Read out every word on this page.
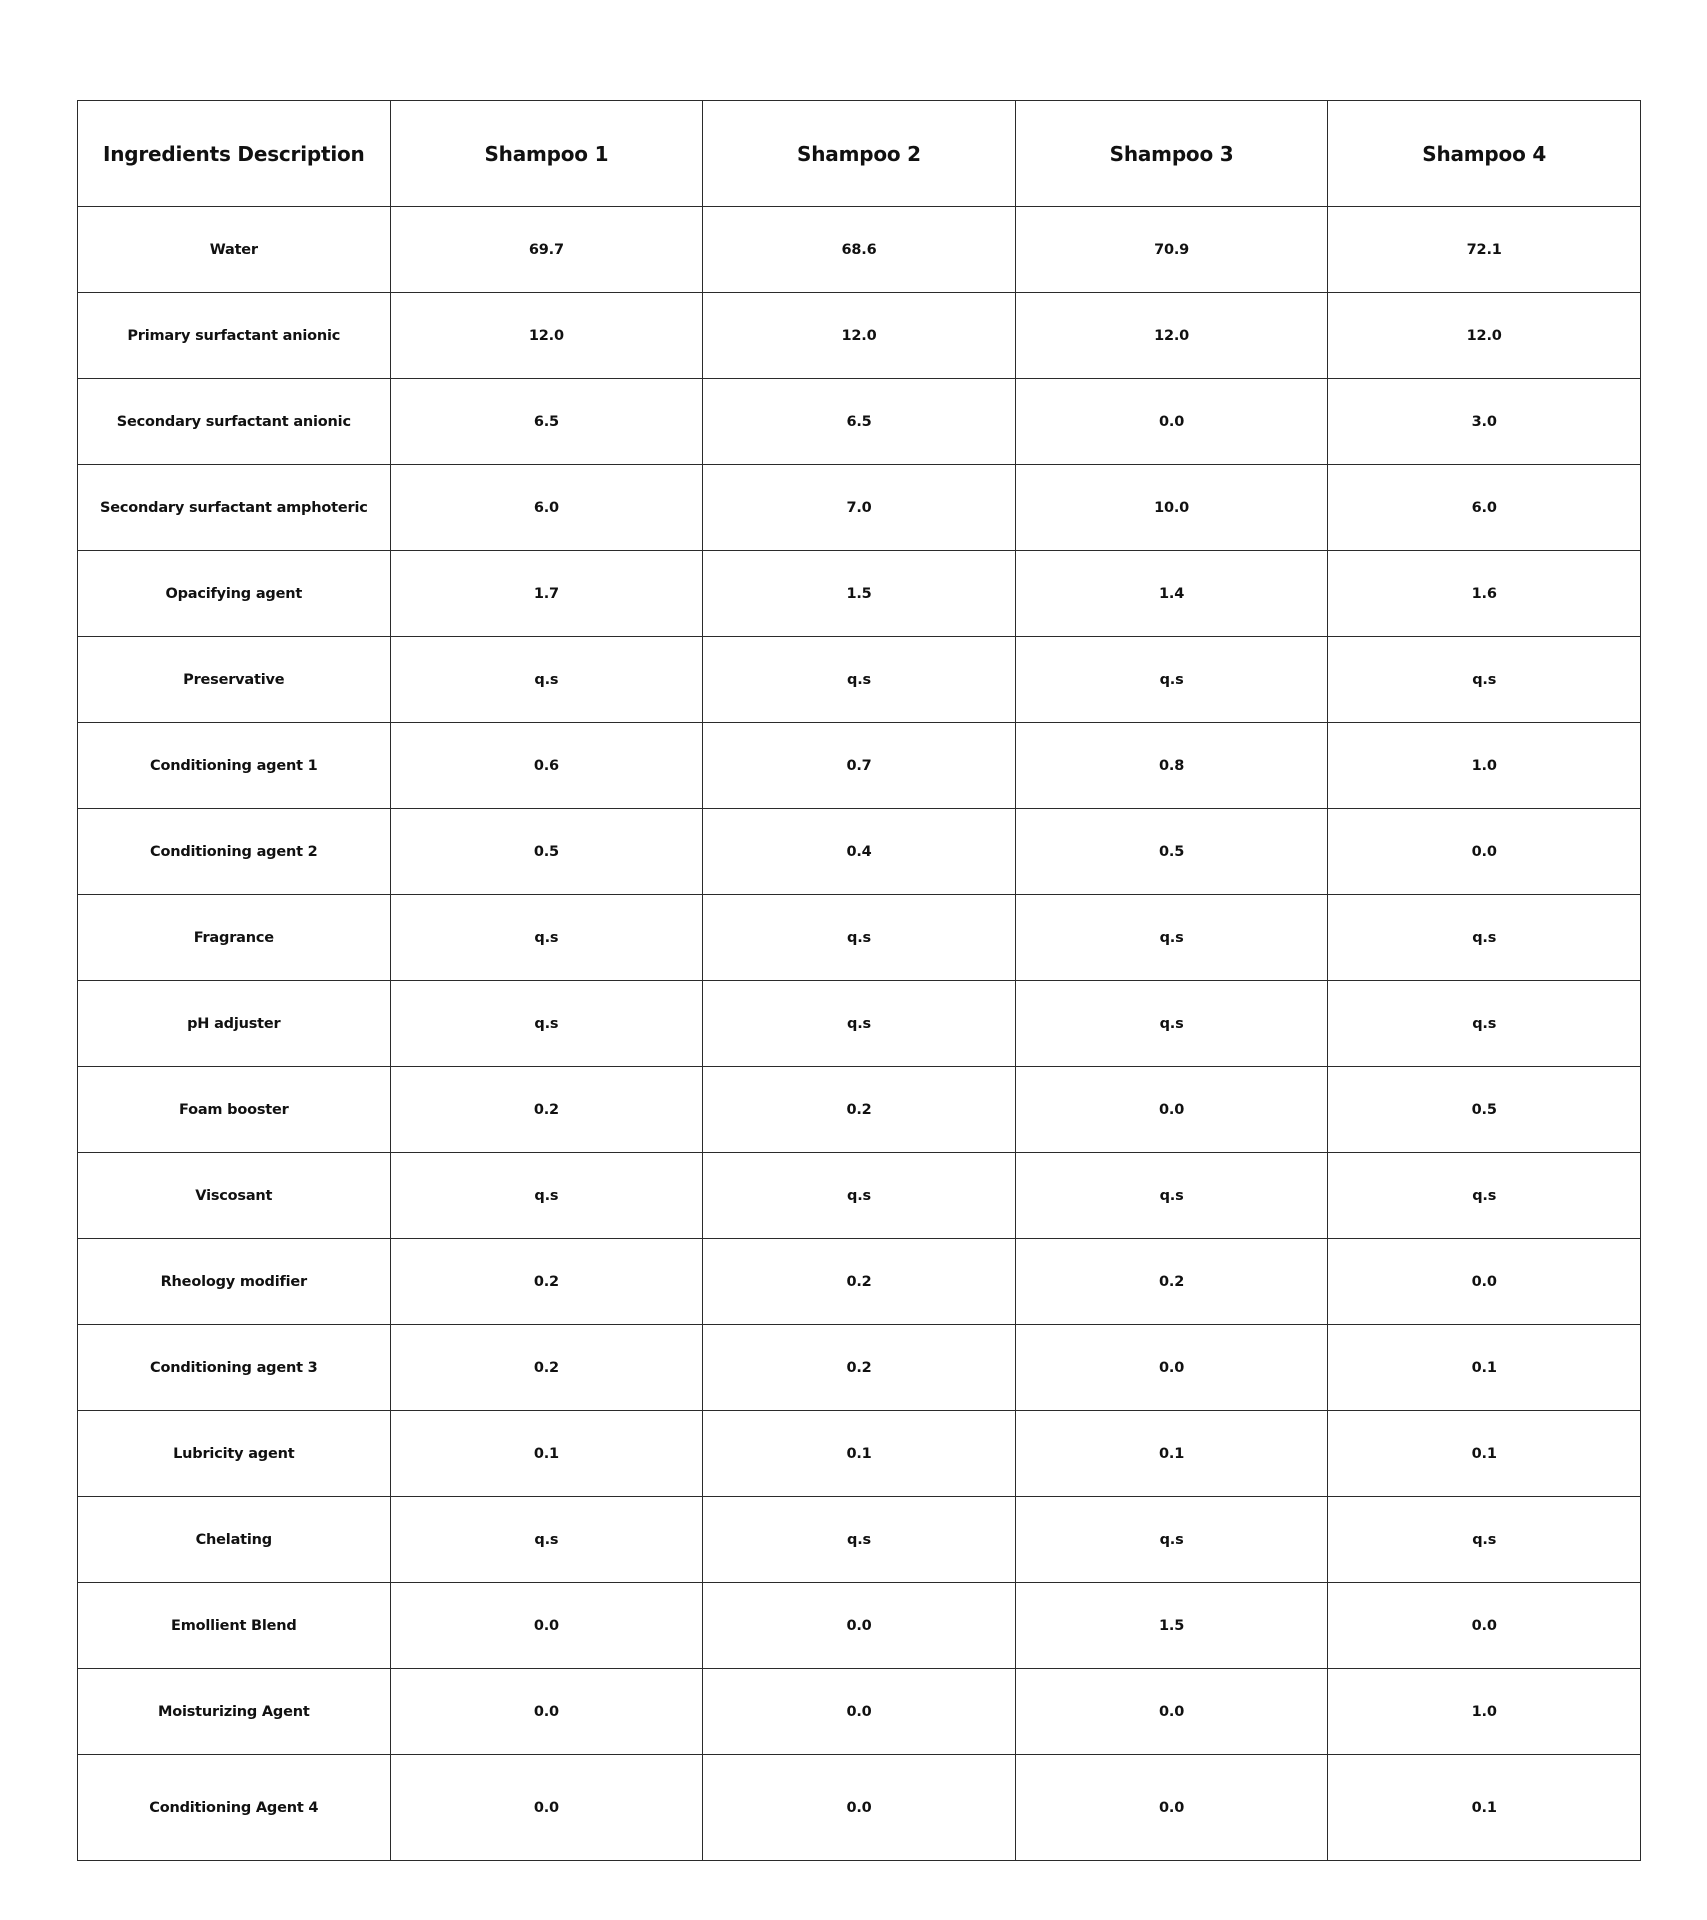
Ingredients Description	Shampoo 1	Shampoo 2	Shampoo 3	Shampoo 4
Water	69.7	68.6	70.9	72.1
Primary surfactant anionic	12.0	12.0	12.0	12.0
Secondary surfactant anionic	6.5	6.5	0.0	3.0
Secondary surfactant amphoteric	6.0	7.0	10.0	6.0
Opacifying agent	1.7	1.5	1.4	1.6
Preservative	q.s	q.s	q.s	q.s
Conditioning agent 1	0.6	0.7	0.8	1.0
Conditioning agent 2	0.5	0.4	0.5	0.0
Fragrance	q.s	q.s	q.s	q.s
pH adjuster	q.s	q.s	q.s	q.s
Foam booster	0.2	0.2	0.0	0.5
Viscosant	q.s	q.s	q.s	q.s
Rheology modifier	0.2	0.2	0.2	0.0
Conditioning agent 3	0.2	0.2	0.0	0.1
Lubricity agent	0.1	0.1	0.1	0.1
Chelating	q.s	q.s	q.s	q.s
Emollient Blend	0.0	0.0	1.5	0.0
Moisturizing Agent	0.0	0.0	0.0	1.0
Conditioning Agent 4	0.0	0.0	0.0	0.1
